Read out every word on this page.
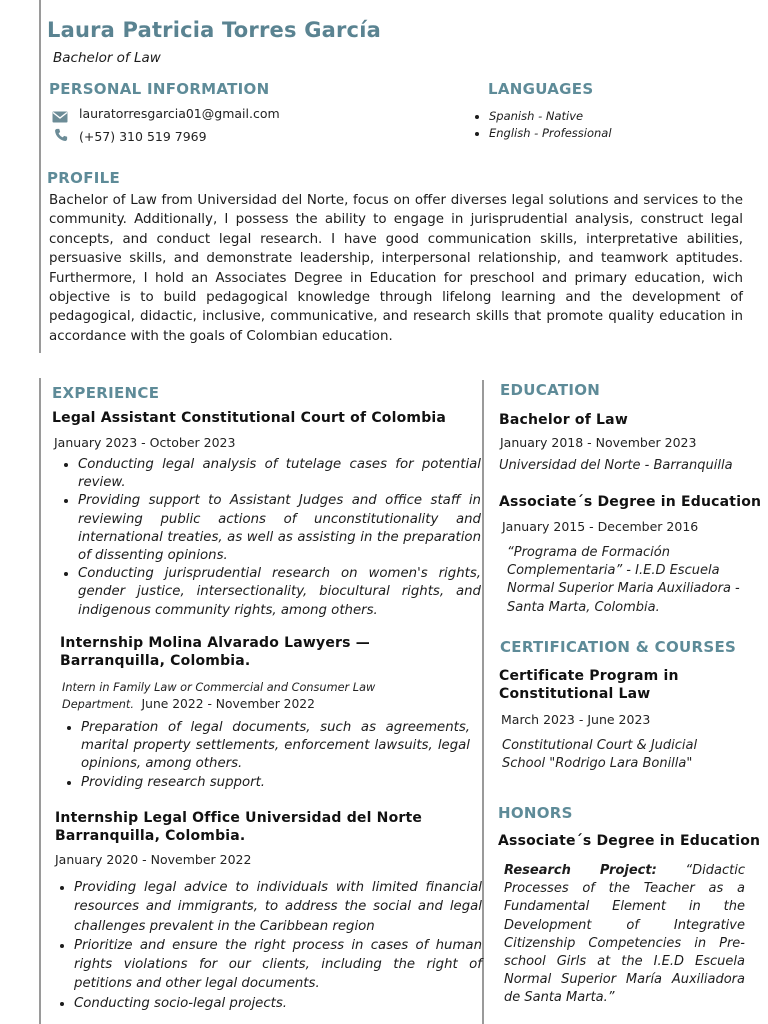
Laura Patricia Torres García
Bachelor of Law
PERSONAL INFORMATION
lauratorresgarcia01@gmail.com
(+57) 310 519 7969
LANGUAGES
• Spanish - Native
• English - Professional
PROFILE
Bachelor of Law from Universidad del Norte, focus on offer diverses legal solutions and services to the community. Additionally, I possess the ability to engage in jurisprudential analysis, construct legal concepts, and conduct legal research. I have good communication skills, interpretative abilities, persuasive skills, and demonstrate leadership, interpersonal relationship, and teamwork aptitudes. Furthermore, I hold an Associates Degree in Education for preschool and primary education, wich objective is to build pedagogical knowledge through lifelong learning and the development of pedagogical, didactic, inclusive, communicative, and research skills that promote quality education in accordance with the goals of Colombian education.
EXPERIENCE
Legal Assistant Constitutional Court of Colombia
January 2023 - October 2023
• Conducting legal analysis of tutelage cases for potential review.
• Providing support to Assistant Judges and office staff in reviewing public actions of unconstitutionality and international treaties, as well as assisting in the preparation of dissenting opinions.
• Conducting jurisprudential research on women's rights, gender justice, intersectionality, biocultural rights, and indigenous community rights, among others.
Internship Molina Alvarado Lawyers — Barranquilla, Colombia.
Intern in Family Law or Commercial and Consumer Law Department. June 2022 - November 2022
• Preparation of legal documents, such as agreements, marital property settlements, enforcement lawsuits, legal opinions, among others.
• Providing research support.
Internship Legal Office Universidad del Norte Barranquilla, Colombia.
January 2020 - November 2022
• Providing legal advice to individuals with limited financial resources and immigrants, to address the social and legal challenges prevalent in the Caribbean region
• Prioritize and ensure the right process in cases of human rights violations for our clients, including the right of petitions and other legal documents.
• Conducting socio-legal projects.
EDUCATION
Bachelor of Law
January 2018 - November 2023
Universidad del Norte - Barranquilla
Associate´s Degree in Education
January 2015 - December 2016
“Programa de Formación Complementaria” - I.E.D Escuela Normal Superior Maria Auxiliadora - Santa Marta, Colombia.
CERTIFICATION & COURSES
Certificate Program in Constitutional Law
March 2023 - June 2023
Constitutional Court & Judicial School "Rodrigo Lara Bonilla"
HONORS
Associate´s Degree in Education
Research Project: “Didactic Processes of the Teacher as a Fundamental Element in the Development of Integrative Citizenship Competencies in Pre-school Girls at the I.E.D Escuela Normal Superior María Auxiliadora de Santa Marta.”
